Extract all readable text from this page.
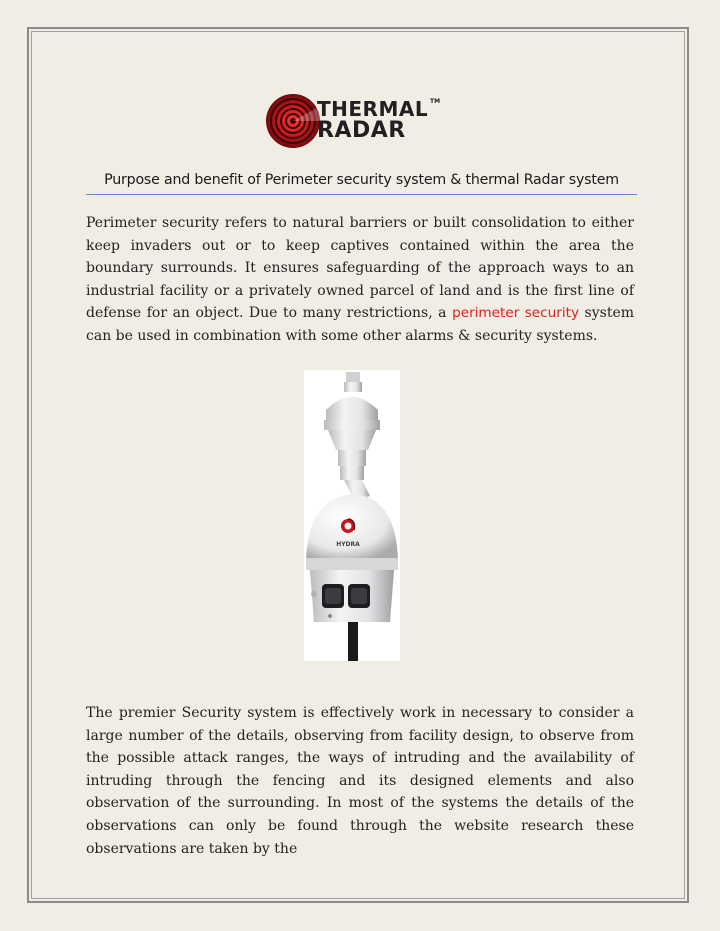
THERMAL TM
RADAR
Purpose and benefit of Perimeter security system & thermal Radar system

Perimeter security refers to natural barriers or built consolidation to either keep invaders out or to keep captives contained within the area the boundary surrounds. It ensures safeguarding of the approach ways to an industrial facility or a privately owned parcel of land and is the first line of defense for an object. Due to many restrictions, a perimeter security system can be used in combination with some other alarms & security systems.

HYDRA

The premier Security system is effectively work in necessary to consider a large number of the details, observing from facility design, to observe from the possible attack ranges, the ways of intruding and the availability of intruding through the fencing and its designed elements and also observation of the surrounding. In most of the systems the details of the observations can only be found through the website research these observations are taken by the
